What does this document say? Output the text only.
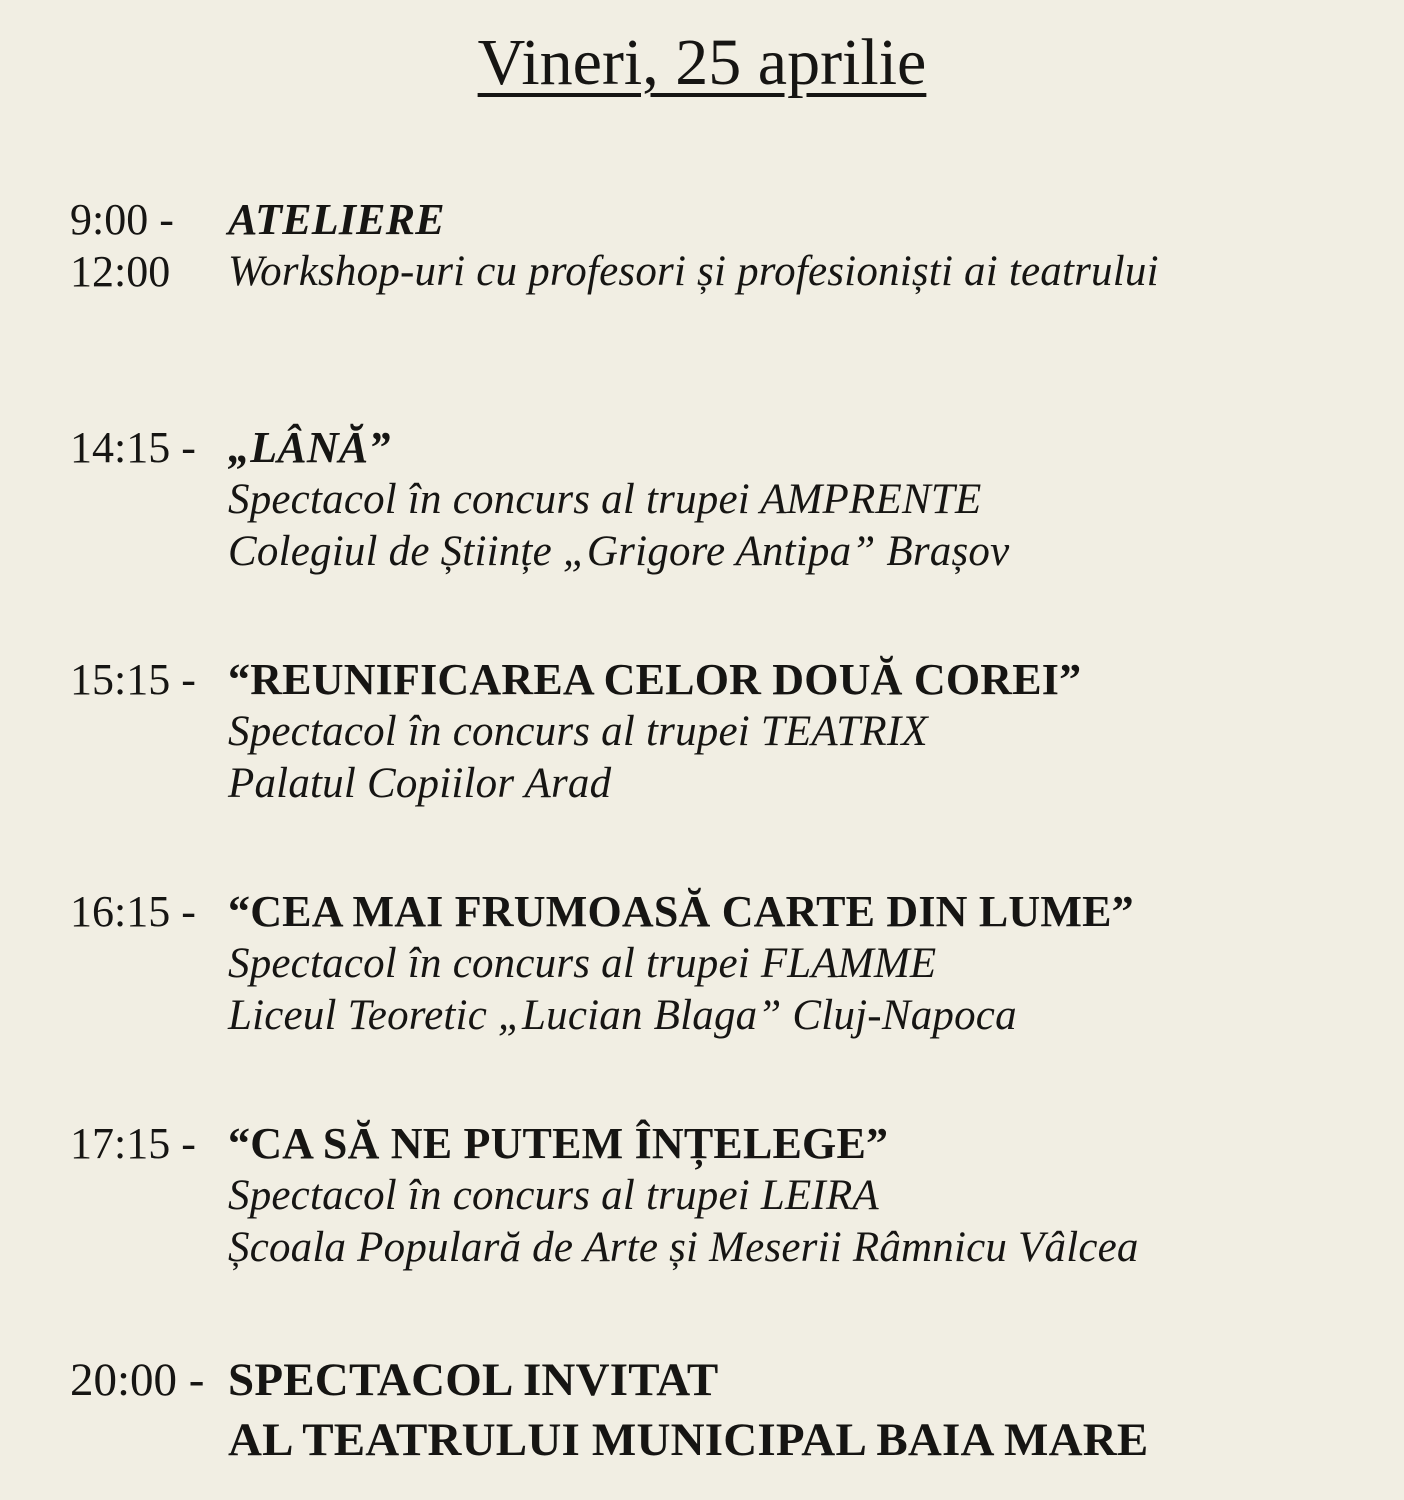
Vineri, 25 aprilie
9:00 -
12:00
ATELIERE
Workshop-uri cu profesori și profesioniști ai teatrului
14:15 - „LÂNĂ”
Spectacol în concurs al trupei AMPRENTE
Colegiul de Științe „Grigore Antipa” Brașov
15:15 - “REUNIFICAREA CELOR DOUĂ COREI”
Spectacol în concurs al trupei TEATRIX
Palatul Copiilor Arad
16:15 - “CEA MAI FRUMOASĂ CARTE DIN LUME”
Spectacol în concurs al trupei FLAMME
Liceul Teoretic „Lucian Blaga” Cluj-Napoca
17:15 - “CA SĂ NE PUTEM ÎNȚELEGE”
Spectacol în concurs al trupei LEIRA
Școala Populară de Arte și Meserii Râmnicu Vâlcea
20:00 - SPECTACOL INVITAT
AL TEATRULUI MUNICIPAL BAIA MARE
